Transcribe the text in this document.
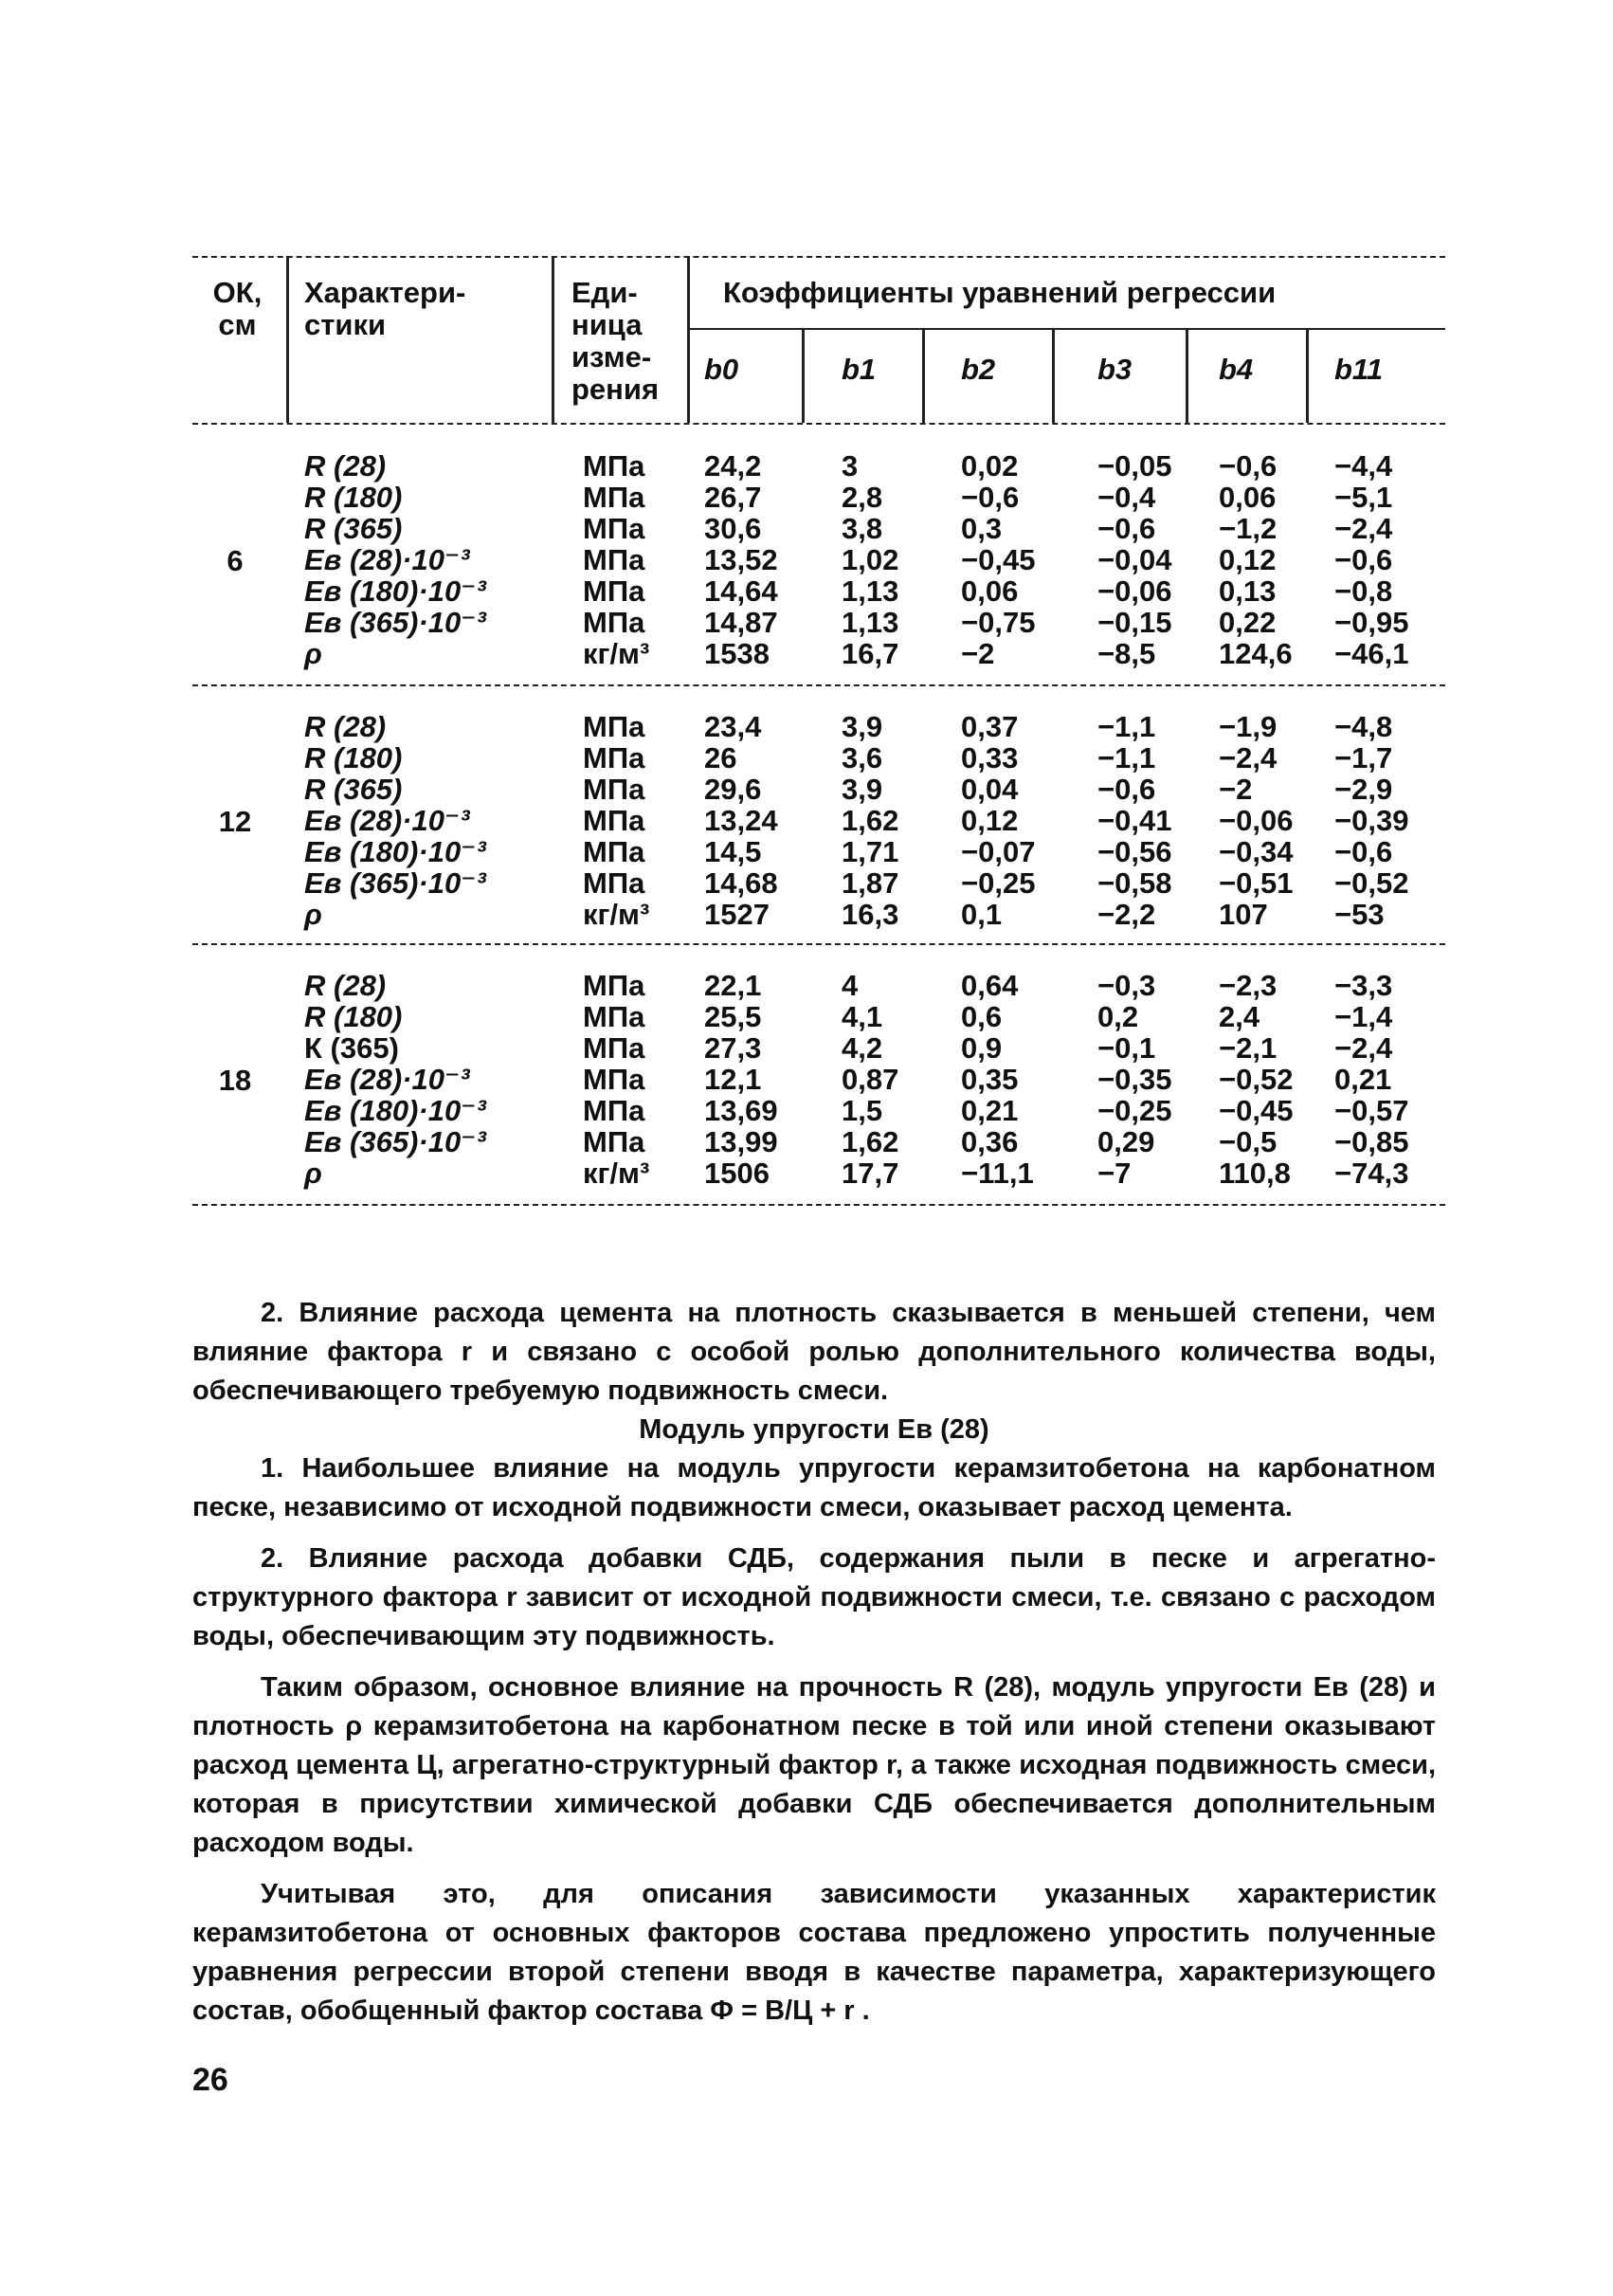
ОК, см
Характери-стики
Еди-ница изме-рения
Коэффициенты уравнений регрессии
b0	b1	b2	b3	b4	b11
6
R (28)	МПа 24,2	3	0,02	−0,05 −0,6 −4,4
R (180)	МПа 26,7	2,8	−0,6	−0,4 0,06 −5,1
R (365)	МПа 30,6	3,8	0,3	−0,6 −1,2 −2,4
Eв (28)·10⁻³	МПа 13,52 1,02 −0,45 −0,04 0,12 −0,6
Eв (180)·10⁻³	МПа 14,64 1,13 0,06	−0,06 0,13 −0,8
Eв (365)·10⁻³	МПа 14,87 1,13 −0,75 −0,15 0,22 −0,95
ρ	кг/м³ 1538 16,7 −2	−8,5 124,6 −46,1
12
R (28)	МПа 23,4	3,9	0,37	−1,1 −1,9 −4,8
R (180)	МПа 26	3,6	0,33	−1,1 −2,4 −1,7
R (365)	МПа 29,6	3,9	0,04	−0,6 −2	−2,9
Eв (28)·10⁻³	МПа 13,24 1,62 0,12	−0,41 −0,06 −0,39
Eв (180)·10⁻³	МПа 14,5	1,71 −0,07 −0,56 −0,34 −0,6
Eв (365)·10⁻³	МПа 14,68 1,87 −0,25 −0,58 −0,51 −0,52
ρ	кг/м³ 1527 16,3 0,1	−2,2 107 −53
18
R (28)	МПа 22,1	4	0,64	−0,3 −2,3 −3,3
R (180)	МПа 25,5	4,1	0,6	0,2	2,4	−1,4
К (365)	МПа 27,3	4,2	0,9	−0,1 −2,1 −2,4
Eв (28)·10⁻³	МПа 12,1	0,87 0,35	−0,35 −0,52 0,21
Eв (180)·10⁻³	МПа 13,69 1,5	0,21	−0,25 −0,45 −0,57
Eв (365)·10⁻³	МПа 13,99 1,62 0,36	0,29 −0,5 −0,85
ρ	кг/м³ 1506 17,7 −11,1 −7	110,8 −74,3

2. Влияние расхода цемента на плотность сказывается в меньшей степени, чем влияние фактора r и связано с особой ролью дополнительного количества воды, обеспечивающего требуемую подвижность смеси.

Модуль упругости Eв (28)

1. Наибольшее влияние на модуль упругости керамзитобетона на карбонатном песке, независимо от исходной подвижности смеси, оказывает расход цемента.

2. Влияние расхода добавки СДБ, содержания пыли в песке и агрегатно-структурного фактора r зависит от исходной подвижности смеси, т.е. связано с расходом воды, обеспечивающим эту подвижность.

Таким образом, основное влияние на прочность R (28), модуль упругости Eв (28) и плотность ρ керамзитобетона на карбонатном песке в той или иной степени оказывают расход цемента Ц, агрегатно-структурный фактор r, а также исходная подвижность смеси, которая в присутствии химической добавки СДБ обеспечивается дополнительным расходом воды.

Учитывая это, для описания зависимости указанных характеристик керамзитобетона от основных факторов состава предложено упростить полученные уравнения регрессии второй степени вводя в качестве параметра, характеризующего состав, обобщенный фактор состава Ф = В/Ц + r .

26
